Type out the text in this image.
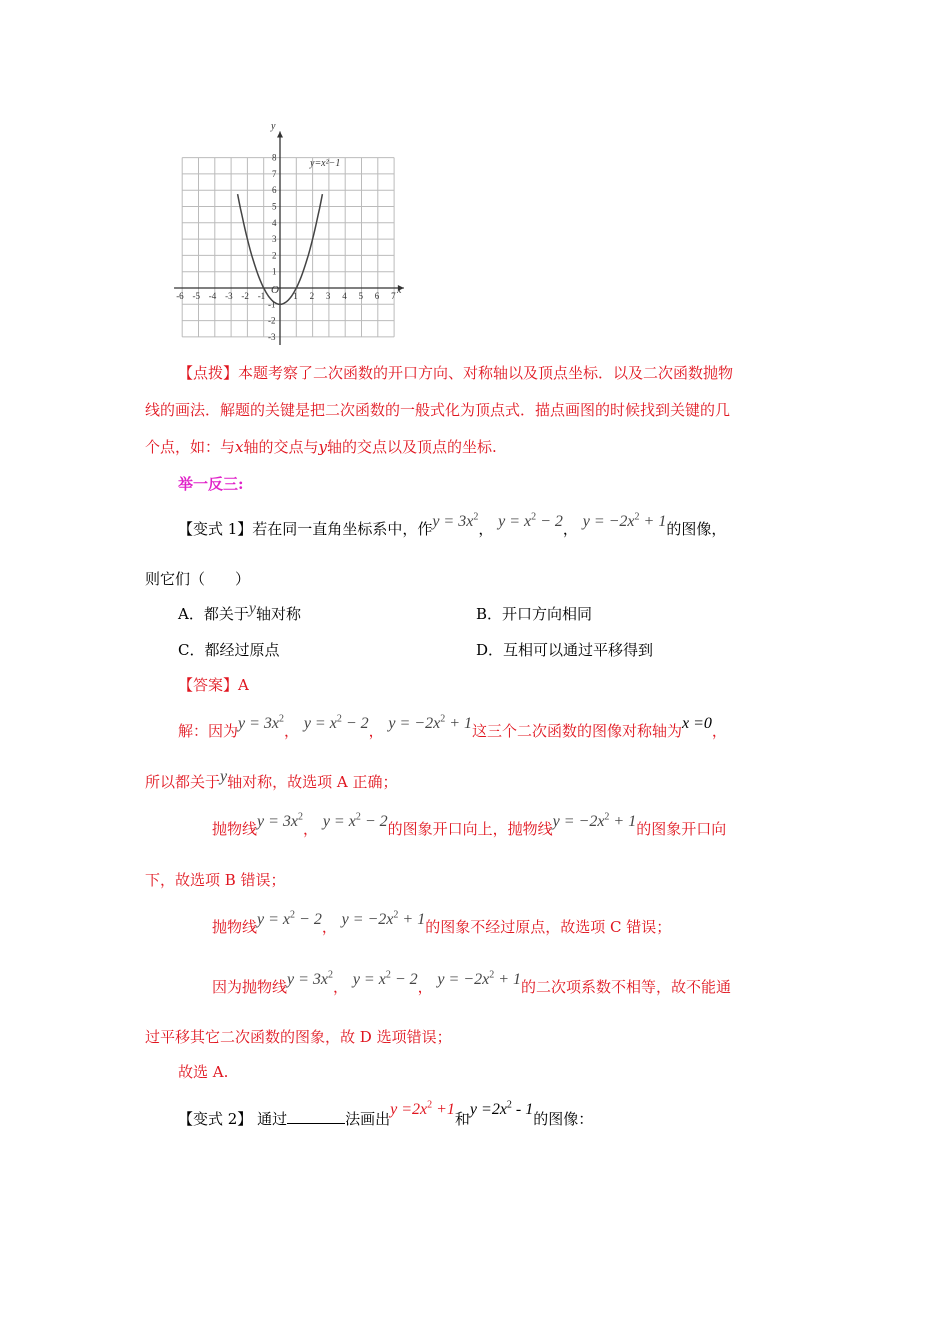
-6 -5 -4 -3 -2 -1	1 2 3 4 5 6 7
8
7
6
5
4
3
2
1
-1
-2
-3
y=x²−1
x
y
O
【点拨】本题考察了二次函数的开口方向、对称轴以及顶点坐标．以及二次函数抛物
线的画法．解题的关键是把二次函数的一般式化为顶点式．描点画图的时候找到关键的几
个点，如：与x轴的交点与y轴的交点以及顶点的坐标.
举一反三:
【变式 1】若在同一直角坐标系中，作$y = 3x^2$， $y = x^2 - 2$， $y = -2x^2 + 1$的图像，
则它们（　　）
A．都关于y轴对称	B．开口方向相同
C．都经过原点	D．互相可以通过平移得到
【答案】A
解：因为$y = 3x^2$， $y = x^2 - 2$， $y = -2x^2 + 1$这三个二次函数的图像对称轴为x =0，
所以都关于y轴对称，故选项 A 正确；
抛物线$y = 3x^2$， $y = x^2 - 2$的图象开口向上，抛物线$y = -2x^2 + 1$的图象开口向
下，故选项 B 错误；
抛物线$y = x^2 - 2$， $y = -2x^2 + 1$的图象不经过原点，故选项 C 错误；
因为抛物线$y = 3x^2$， $y = x^2 - 2$， $y = -2x^2 + 1$的二次项系数不相等，故不能通
过平移其它二次函数的图象，故 D 选项错误；
故选 A.
【变式 2】 通过	法画出$y =2x^2 +1$和$y =2x^2 - 1$的图像：
